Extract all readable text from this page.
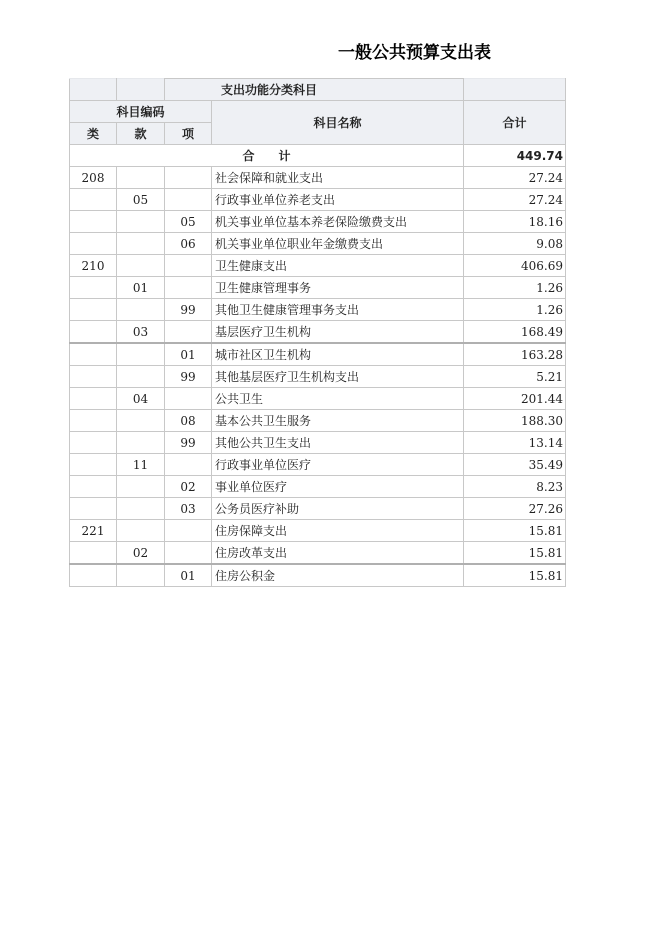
一般公共预算支出表
		支出功能分类科目		
科目编码			科目名称	合计
类	款	项		
合　　计				449.74
208			社会保障和就业支出	27.24
	05		行政事业单位养老支出	27.24
		05	机关事业单位基本养老保险缴费支出	18.16
		06	机关事业单位职业年金缴费支出	9.08
210			卫生健康支出	406.69
	01		卫生健康管理事务	1.26
		99	其他卫生健康管理事务支出	1.26
	03		基层医疗卫生机构	168.49
		01	城市社区卫生机构	163.28
		99	其他基层医疗卫生机构支出	5.21
	04		公共卫生	201.44
		08	基本公共卫生服务	188.30
		99	其他公共卫生支出	13.14
	11		行政事业单位医疗	35.49
		02	事业单位医疗	8.23
		03	公务员医疗补助	27.26
221			住房保障支出	15.81
	02		住房改革支出	15.81
		01	住房公积金	15.81
